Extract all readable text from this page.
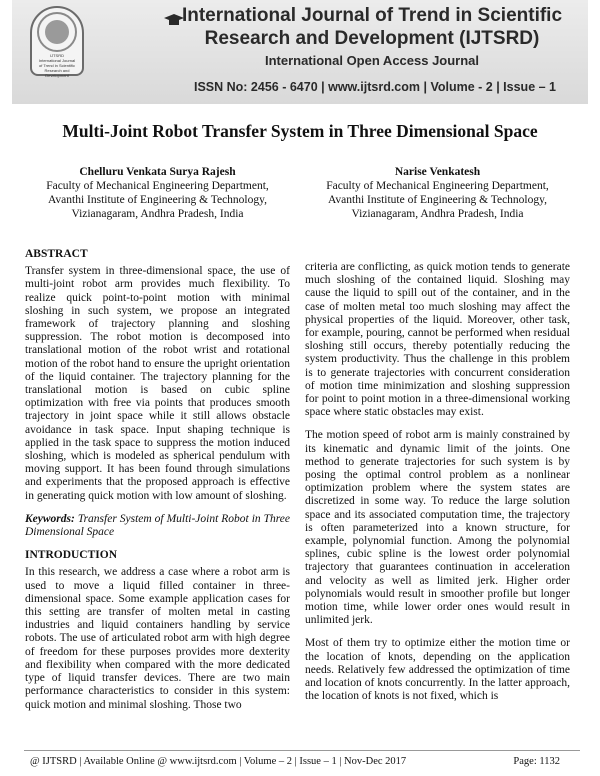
IJTSRD
International Journal
of Trend in Scientific
Research and
Development
International Journal of Trend in Scientific
Research and Development (IJTSRD)
International Open Access Journal
ISSN No: 2456 - 6470 | www.ijtsrd.com | Volume - 2 | Issue – 1
Multi-Joint Robot Transfer System in Three Dimensional Space
Chelluru Venkata Surya Rajesh
Faculty of Mechanical Engineering Department,
Avanthi Institute of Engineering & Technology,
Vizianagaram, Andhra Pradesh, India
Narise Venkatesh
Faculty of Mechanical Engineering Department,
Avanthi Institute of Engineering & Technology,
Vizianagaram, Andhra Pradesh, India
ABSTRACT

Transfer system in three-dimensional space, the use of multi-joint robot arm provides much flexibility. To realize quick point-to-point motion with minimal sloshing in such system, we propose an integrated framework of trajectory planning and sloshing suppression. The robot motion is decomposed into translational motion of the robot wrist and rotational motion of the robot hand to ensure the upright orientation of the liquid container. The trajectory planning for the translational motion is based on cubic spline optimization with free via points that produces smooth trajectory in joint space while it still allows obstacle avoidance in task space. Input shaping technique is applied in the task space to suppress the motion induced sloshing, which is modeled as spherical pendulum with moving support. It has been found through simulations and experiments that the proposed approach is effective in generating quick motion with low amount of sloshing.

Keywords: Transfer System of Multi-Joint Robot in Three Dimensional Space

INTRODUCTION

In this research, we address a case where a robot arm is used to move a liquid filled container in three-dimensional space. Some example application cases for this setting are transfer of molten metal in casting industries and liquid containers handling by service robots. The use of articulated robot arm with high degree of freedom for these purposes provides more dexterity and flexibility when compared with the more dedicated type of liquid transfer devices. There are two main performance characteristics to consider in this system: quick motion and minimal sloshing. Those two

criteria are conflicting, as quick motion tends to generate much sloshing of the contained liquid. Sloshing may cause the liquid to spill out of the container, and in the case of molten metal too much sloshing may affect the physical properties of the liquid. Moreover, other task, for example, pouring, cannot be performed when residual sloshing still occurs, thereby potentially reducing the system productivity. Thus the challenge in this problem is to generate trajectories with concurrent consideration of motion time minimization and sloshing suppression for point to point motion in a three-dimensional working space where static obstacles may exist.

The motion speed of robot arm is mainly constrained by its kinematic and dynamic limit of the joints. One method to generate trajectories for such system is by posing the optimal control problem as a nonlinear optimization problem where the system states are discretized in some way. To reduce the large solution space and its associated computation time, the trajectory is often parameterized into a known structure, for example, polynomial function. Among the polynomial splines, cubic spline is the lowest order polynomial trajectory that guarantees continuation in acceleration and velocity as well as limited jerk. Higher order polynomials would result in smoother profile but longer motion time, while lower order ones would result in unlimited jerk.

Most of them try to optimize either the motion time or the location of knots, depending on the application needs. Relatively few addressed the optimization of time and location of knots concurrently. In the latter approach, the location of knots is not fixed, which is

@ IJTSRD | Available Online @ www.ijtsrd.com | Volume – 2 | Issue – 1 | Nov-Dec 2017	Page: 1132
